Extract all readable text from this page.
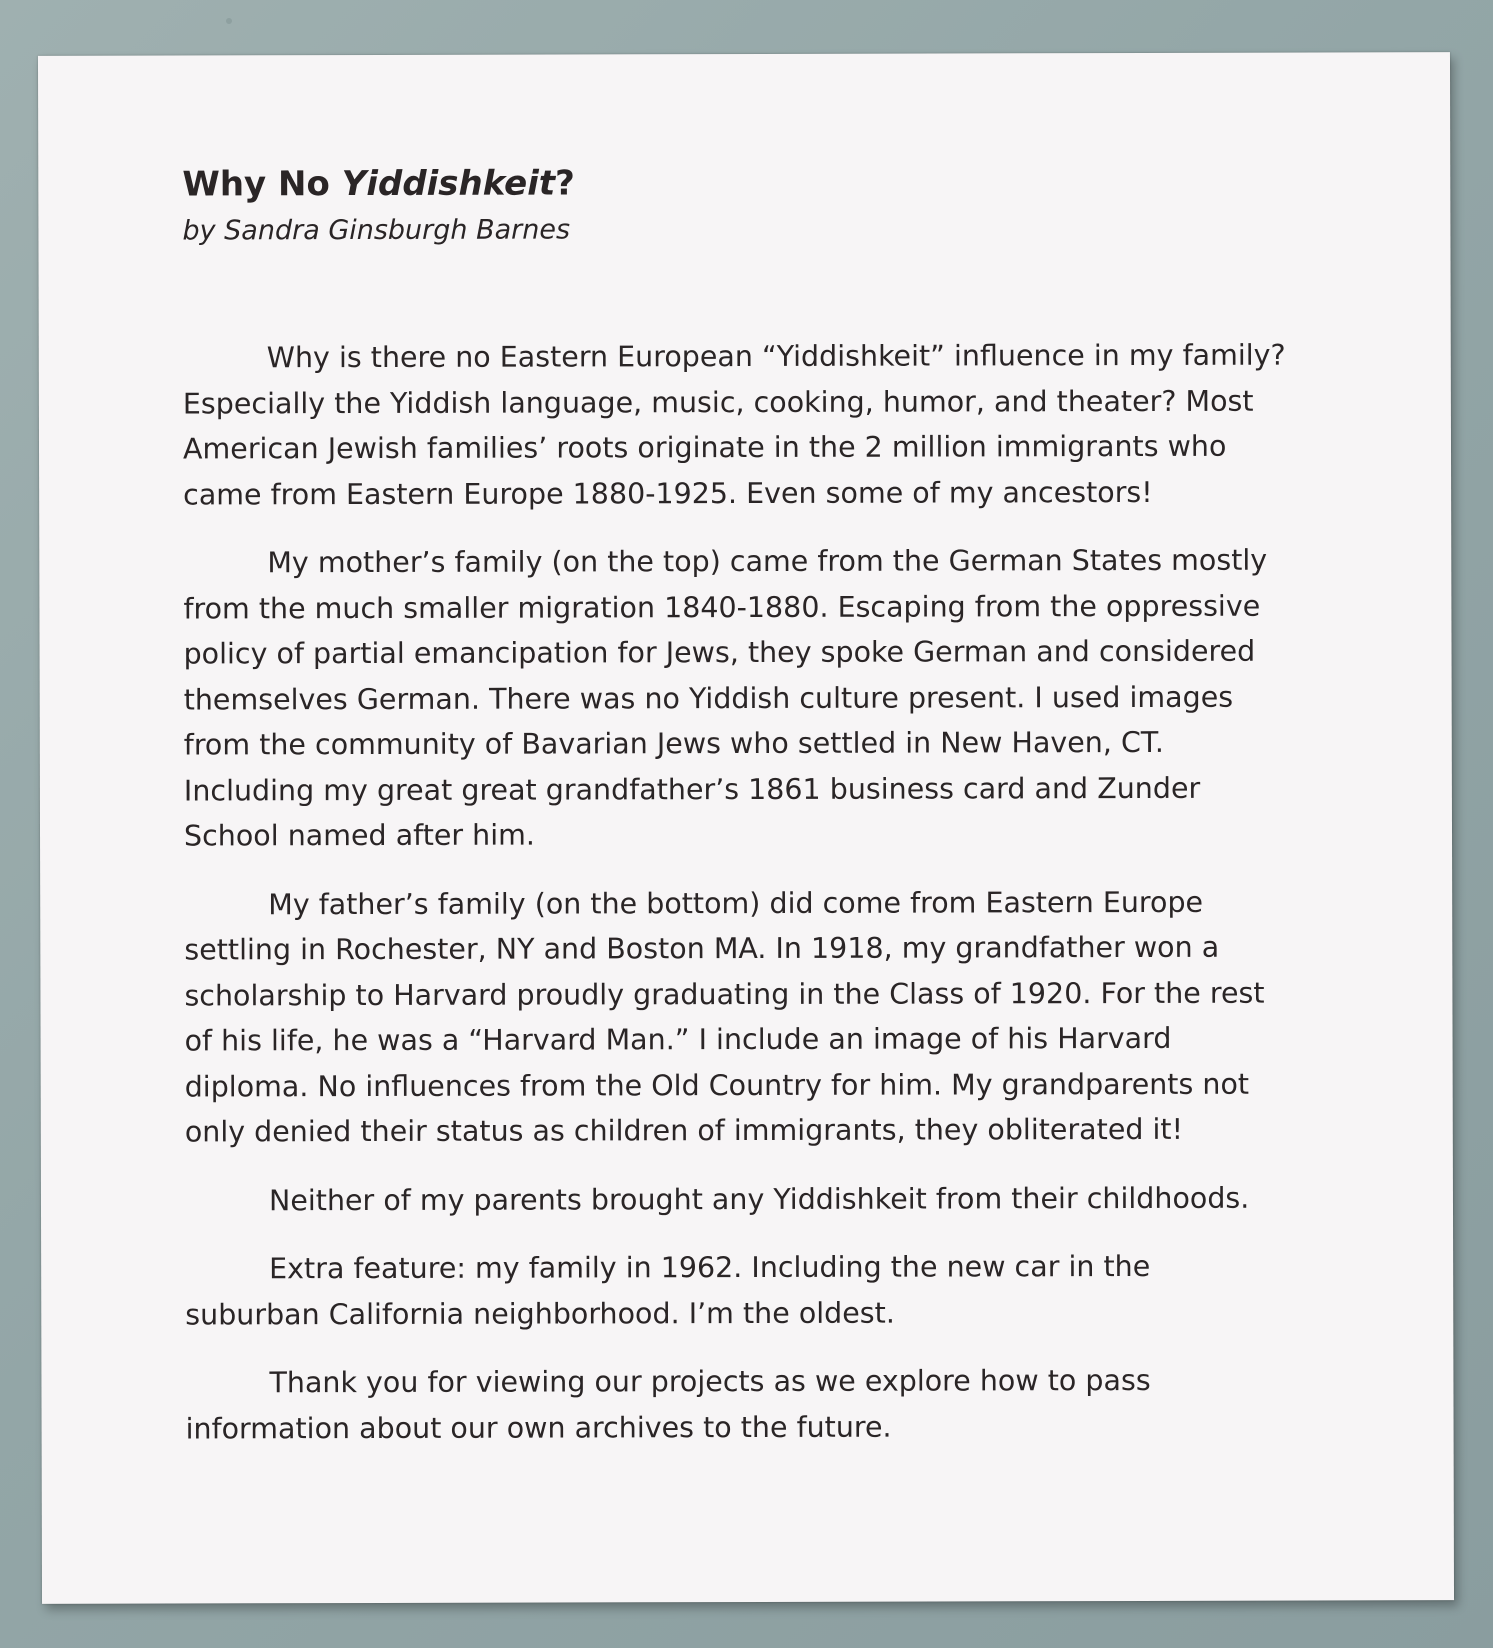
Why No Yiddishkeit?

by Sandra Ginsburgh Barnes

Why is there no Eastern European “Yiddishkeit” influence in my family?
Especially the Yiddish language, music, cooking, humor, and theater? Most
American Jewish families’ roots originate in the 2 million immigrants who
came from Eastern Europe 1880-1925. Even some of my ancestors!

My mother’s family (on the top) came from the German States mostly
from the much smaller migration 1840-1880. Escaping from the oppressive
policy of partial emancipation for Jews, they spoke German and considered
themselves German. There was no Yiddish culture present. I used images
from the community of Bavarian Jews who settled in New Haven, CT.
Including my great great grandfather’s 1861 business card and Zunder
School named after him.

My father’s family (on the bottom) did come from Eastern Europe
settling in Rochester, NY and Boston MA. In 1918, my grandfather won a
scholarship to Harvard proudly graduating in the Class of 1920. For the rest
of his life, he was a “Harvard Man.” I include an image of his Harvard
diploma. No influences from the Old Country for him. My grandparents not
only denied their status as children of immigrants, they obliterated it!

Neither of my parents brought any Yiddishkeit from their childhoods.

Extra feature: my family in 1962. Including the new car in the
suburban California neighborhood. I’m the oldest.

Thank you for viewing our projects as we explore how to pass
information about our own archives to the future.
